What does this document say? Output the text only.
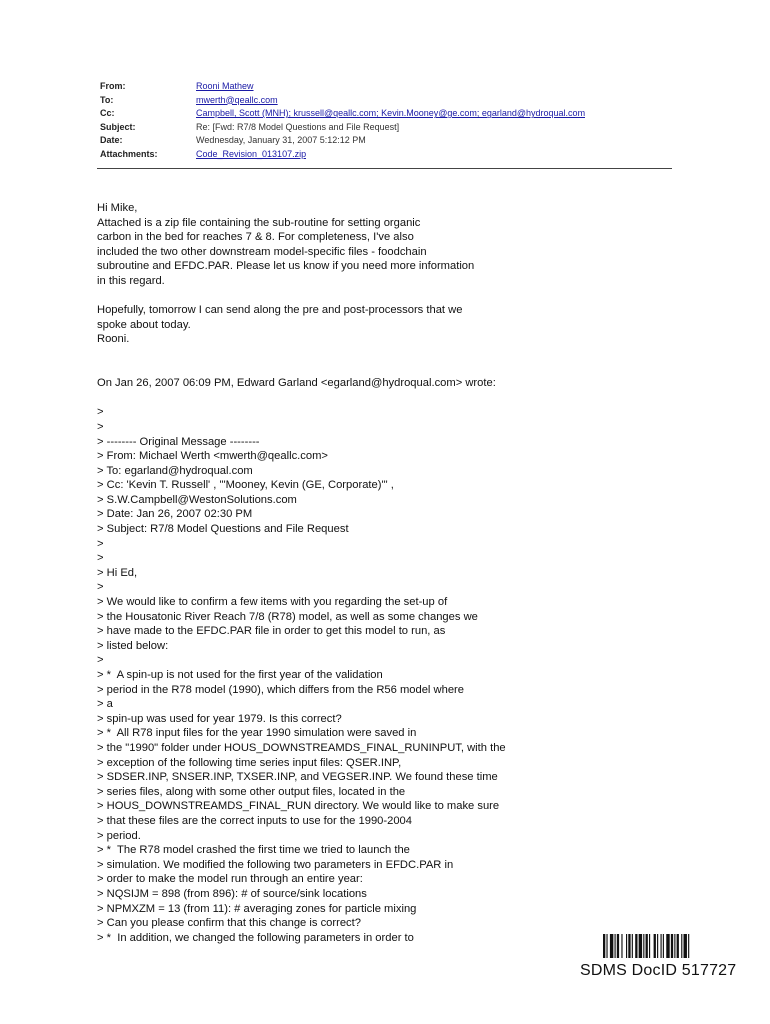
From:	Rooni Mathew
To:	mwerth@qeallc.com
Cc:	Campbell, Scott (MNH); krussell@qeallc.com; Kevin.Mooney@ge.com; egarland@hydroqual.com
Subject:	Re: [Fwd: R7/8 Model Questions and File Request]
Date:	Wednesday, January 31, 2007 5:12:12 PM
Attachments:	Code_Revision_013107.zip
Hi Mike,
Attached is a zip file containing the sub-routine for setting organic
carbon in the bed for reaches 7 & 8. For completeness, I've also
included the two other downstream model-specific files - foodchain
subroutine and EFDC.PAR. Please let us know if you need more information
in this regard.
Hopefully, tomorrow I can send along the pre and post-processors that we
spoke about today.
Rooni.
On Jan 26, 2007 06:09 PM, Edward Garland <egarland@hydroqual.com> wrote:
>
>
> -------- Original Message --------
> From: Michael Werth <mwerth@qeallc.com>
> To: egarland@hydroqual.com
> Cc: 'Kevin T. Russell' , "'Mooney, Kevin (GE, Corporate)'" ,
> S.W.Campbell@WestonSolutions.com
> Date: Jan 26, 2007 02:30 PM
> Subject: R7/8 Model Questions and File Request
>
>
> Hi Ed,
>
> We would like to confirm a few items with you regarding the set-up of
> the Housatonic River Reach 7/8 (R78) model, as well as some changes we
> have made to the EFDC.PAR file in order to get this model to run, as
> listed below:
>
> *  A spin-up is not used for the first year of the validation
> period in the R78 model (1990), which differs from the R56 model where
> a
> spin-up was used for year 1979. Is this correct?
> *  All R78 input files for the year 1990 simulation were saved in
> the "1990" folder under HOUS_DOWNSTREAMDS_FINAL_RUNINPUT, with the
> exception of the following time series input files: QSER.INP,
> SDSER.INP, SNSER.INP, TXSER.INP, and VEGSER.INP. We found these time
> series files, along with some other output files, located in the
> HOUS_DOWNSTREAMDS_FINAL_RUN directory. We would like to make sure
> that these files are the correct inputs to use for the 1990-2004
> period.
> *  The R78 model crashed the first time we tried to launch the
> simulation. We modified the following two parameters in EFDC.PAR in
> order to make the model run through an entire year:
> NQSIJM = 898 (from 896): # of source/sink locations
> NPMXZM = 13 (from 11): # averaging zones for particle mixing
> Can you please confirm that this change is correct?
> *  In addition, we changed the following parameters in order to
SDMS DocID 517727
